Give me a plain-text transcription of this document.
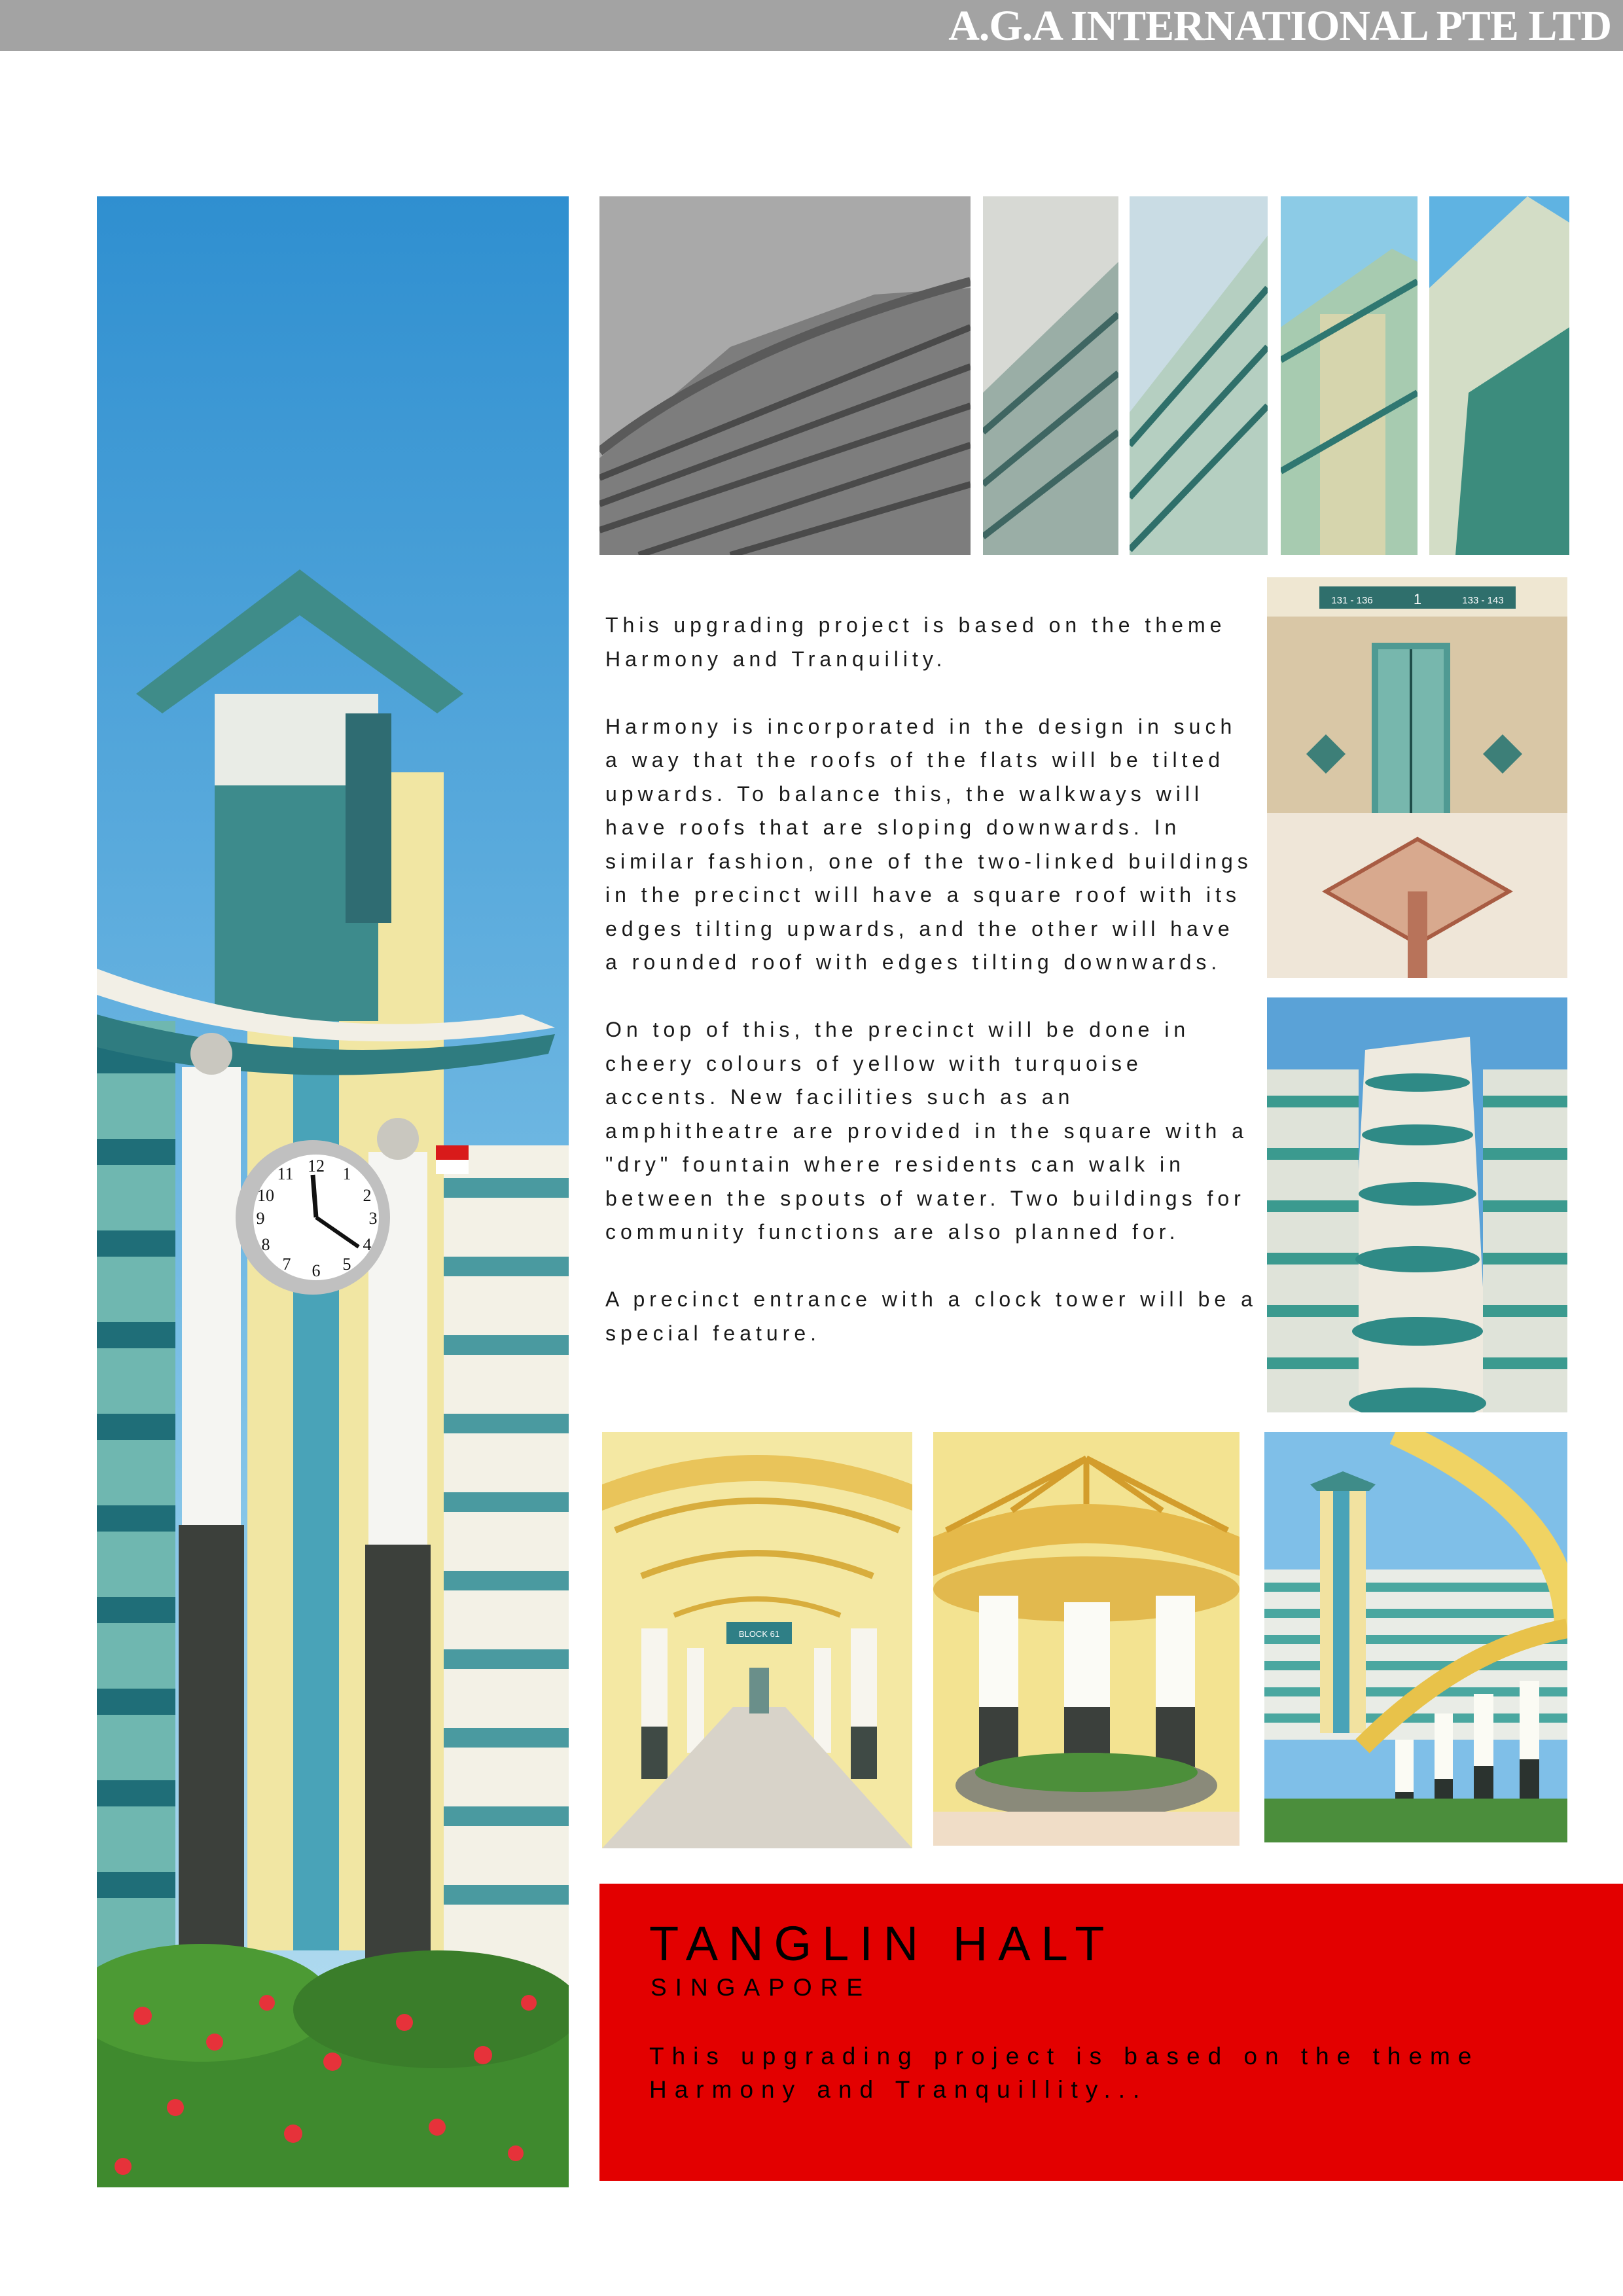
A.G.A INTERNATIONAL PTE LTD
12 1
2
3
4
5
6
7
8
9
10
11

This upgrading project is based on the theme Harmony and Tranquility.

Harmony is incorporated in the design in such a way that the roofs of the flats will be tilted upwards. To balance this, the walkways will have roofs that are sloping downwards. In similar fashion, one of the two-linked buildings in the precinct will have a square roof with its edges tilting upwards, and the other will have a rounded roof with edges tilting downwards.

On top of this, the precinct will be done in cheery colours of yellow with turquoise accents. New facilities such as an amphitheatre are provided in the square with a "dry" fountain where residents can walk in between the spouts of water. Two buildings for community functions are also planned for.

A precinct entrance with a clock tower will be a special feature.

131 - 136	1	133 - 143
BLOCK 61
TANGLIN HALT
SINGAPORE
This upgrading project is based on the theme Harmony and Tranquillity...
